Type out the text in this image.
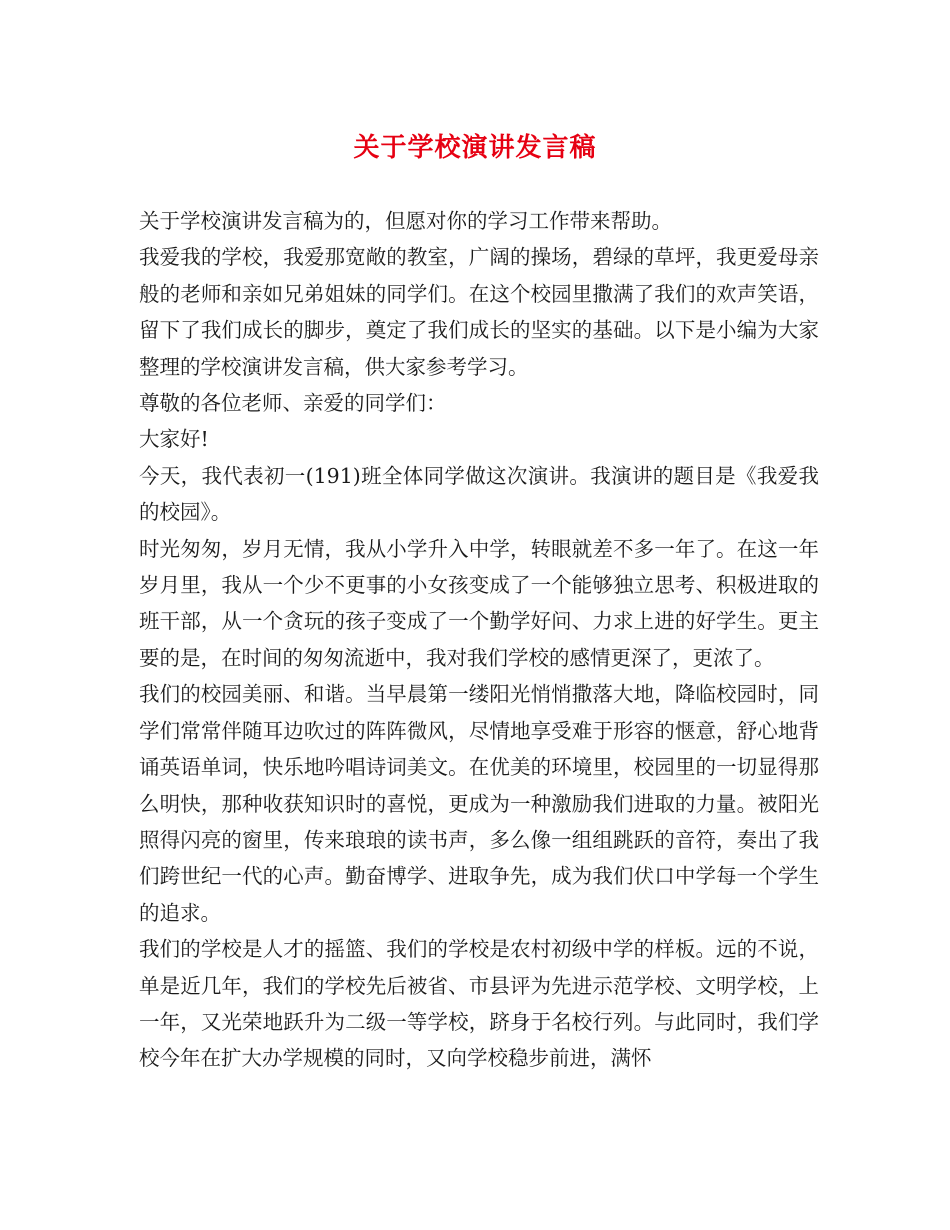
关于学校演讲发言稿

关于学校演讲发言稿为的，但愿对你的学习工作带来帮助。

我爱我的学校，我爱那宽敞的教室，广阔的操场，碧绿的草坪，我更爱母亲般的老师和亲如兄弟姐妹的同学们。在这个校园里撒满了我们的欢声笑语，留下了我们成长的脚步，奠定了我们成长的坚实的基础。以下是小编为大家整理的学校演讲发言稿，供大家参考学习。

尊敬的各位老师、亲爱的同学们：

大家好!

今天，我代表初一(191)班全体同学做这次演讲。我演讲的题目是《我爱我的校园》。

时光匆匆，岁月无情，我从小学升入中学，转眼就差不多一年了。在这一年岁月里，我从一个少不更事的小女孩变成了一个能够独立思考、积极进取的班干部，从一个贪玩的孩子变成了一个勤学好问、力求上进的好学生。更主要的是，在时间的匆匆流逝中，我对我们学校的感情更深了，更浓了。

我们的校园美丽、和谐。当早晨第一缕阳光悄悄撒落大地，降临校园时，同学们常常伴随耳边吹过的阵阵微风，尽情地享受难于形容的惬意，舒心地背诵英语单词，快乐地吟唱诗词美文。在优美的环境里，校园里的一切显得那么明快，那种收获知识时的喜悦，更成为一种激励我们进取的力量。被阳光照得闪亮的窗里，传来琅琅的读书声，多么像一组组跳跃的音符，奏出了我们跨世纪一代的心声。勤奋博学、进取争先，成为我们伏口中学每一个学生的追求。

我们的学校是人才的摇篮、我们的学校是农村初级中学的样板。远的不说，单是近几年，我们的学校先后被省、市县评为先进示范学校、文明学校，上一年，又光荣地跃升为二级一等学校，跻身于名校行列。与此同时，我们学校今年在扩大办学规模的同时，又向学校稳步前进，满怀
